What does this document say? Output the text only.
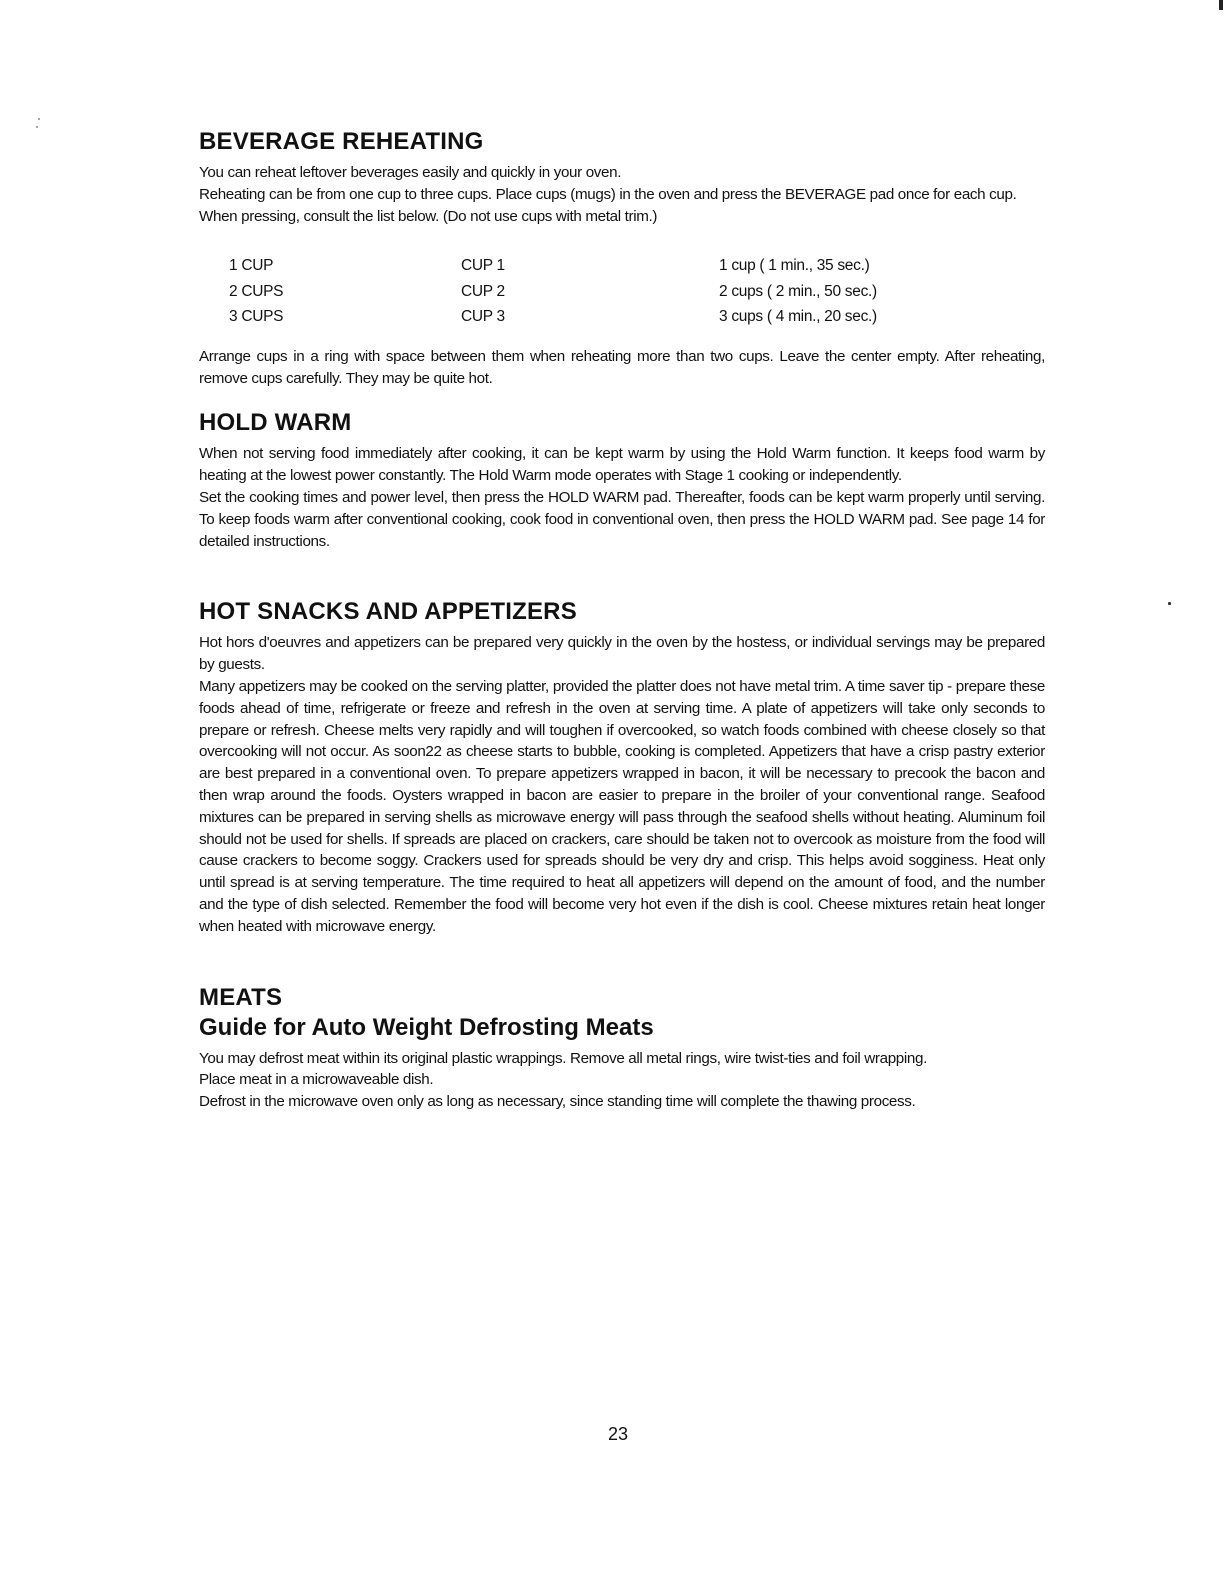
BEVERAGE REHEATING

You can reheat leftover beverages easily and quickly in your oven.

Reheating can be from one cup to three cups. Place cups (mugs) in the oven and press the BEVERAGE pad once for each cup.

When pressing, consult the list below. (Do not use cups with metal trim.)

1 CUP	CUP 1	1 cup ( 1 min., 35 sec.)
2 CUPS	CUP 2	2 cups ( 2 min., 50 sec.)
3 CUPS	CUP 3	3 cups ( 4 min., 20 sec.)

Arrange cups in a ring with space between them when reheating more than two cups. Leave the center empty. After reheating, remove cups carefully. They may be quite hot.

HOLD WARM

When not serving food immediately after cooking, it can be kept warm by using the Hold Warm function. It keeps food warm by heating at the lowest power constantly. The Hold Warm mode operates with Stage 1 cooking or independently.

Set the cooking times and power level, then press the HOLD WARM pad. Thereafter, foods can be kept warm properly until serving. To keep foods warm after conventional cooking, cook food in conventional oven, then press the HOLD WARM pad. See page 14 for detailed instructions.

HOT SNACKS AND APPETIZERS

Hot hors d'oeuvres and appetizers can be prepared very quickly in the oven by the hostess, or individual servings may be prepared by guests.

Many appetizers may be cooked on the serving platter, provided the platter does not have metal trim. A time saver tip - prepare these foods ahead of time, refrigerate or freeze and refresh in the oven at serving time. A plate of appetizers will take only seconds to prepare or refresh. Cheese melts very rapidly and will toughen if overcooked, so watch foods combined with cheese closely so that overcooking will not occur. As soon22 as cheese starts to bubble, cooking is completed. Appetizers that have a crisp pastry exterior are best prepared in a conventional oven. To prepare appetizers wrapped in bacon, it will be necessary to precook the bacon and then wrap around the foods. Oysters wrapped in bacon are easier to prepare in the broiler of your conventional range. Seafood mixtures can be prepared in serving shells as microwave energy will pass through the seafood shells without heating. Aluminum foil should not be used for shells. If spreads are placed on crackers, care should be taken not to overcook as moisture from the food will cause crackers to become soggy. Crackers used for spreads should be very dry and crisp. This helps avoid sogginess. Heat only until spread is at serving temperature. The time required to heat all appetizers will depend on the amount of food, and the number and the type of dish selected. Remember the food will become very hot even if the dish is cool. Cheese mixtures retain heat longer when heated with microwave energy.

MEATS
Guide for Auto Weight Defrosting Meats

You may defrost meat within its original plastic wrappings. Remove all metal rings, wire twist-ties and foil wrapping.

Place meat in a microwaveable dish.

Defrost in the microwave oven only as long as necessary, since standing time will complete the thawing process.

23
